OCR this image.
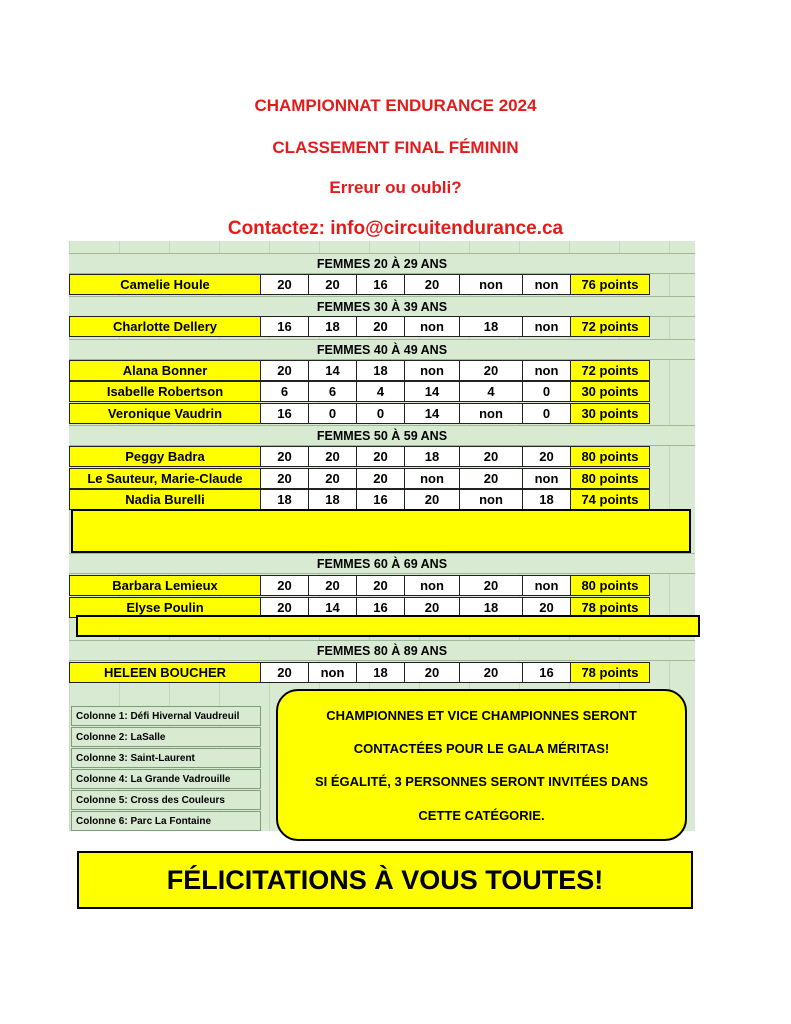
CHAMPIONNAT ENDURANCE 2024
CLASSEMENT FINAL FÉMININ
Erreur ou oubli?
Contactez: info@circuitendurance.ca
FEMMES 20 À 29 ANS
FEMMES 30 À 39 ANS
FEMMES 40 À 49 ANS
FEMMES 50 À 59 ANS
FEMMES 60 À 69 ANS
FEMMES 80 À 89 ANS
Camelie Houle	20	20	16	20	non	non	76 points
Charlotte Dellery	16	18	20	non	18	non	72 points
Alana Bonner	20	14	18	non	20	non	72 points
Isabelle Robertson	6	6	4	14	4	0	30 points
Veronique Vaudrin	16	0	0	14	non	0	30 points
Peggy Badra	20	20	20	18	20	20	80 points
Le Sauteur, Marie-Claude	20	20	20	non	20	non	80 points
Nadia Burelli	18	18	16	20	non	18	74 points
Barbara Lemieux	20	20	20	non	20	non	80 points
Elyse Poulin	20	14	16	20	18	20	78 points
HELEEN BOUCHER	20	non	18	20	20	16	78 points
Colonne 1: Défi Hivernal Vaudreuil
Colonne 2: LaSalle
Colonne 3: Saint-Laurent
Colonne 4: La Grande Vadrouille
Colonne 5: Cross des Couleurs
Colonne 6: Parc La Fontaine
CHAMPIONNES ET VICE CHAMPIONNES SERONT
CONTACTÉES POUR LE GALA MÉRITAS!
SI ÉGALITÉ, 3 PERSONNES SERONT INVITÉES DANS
CETTE CATÉGORIE.
FÉLICITATIONS À VOUS TOUTES!
